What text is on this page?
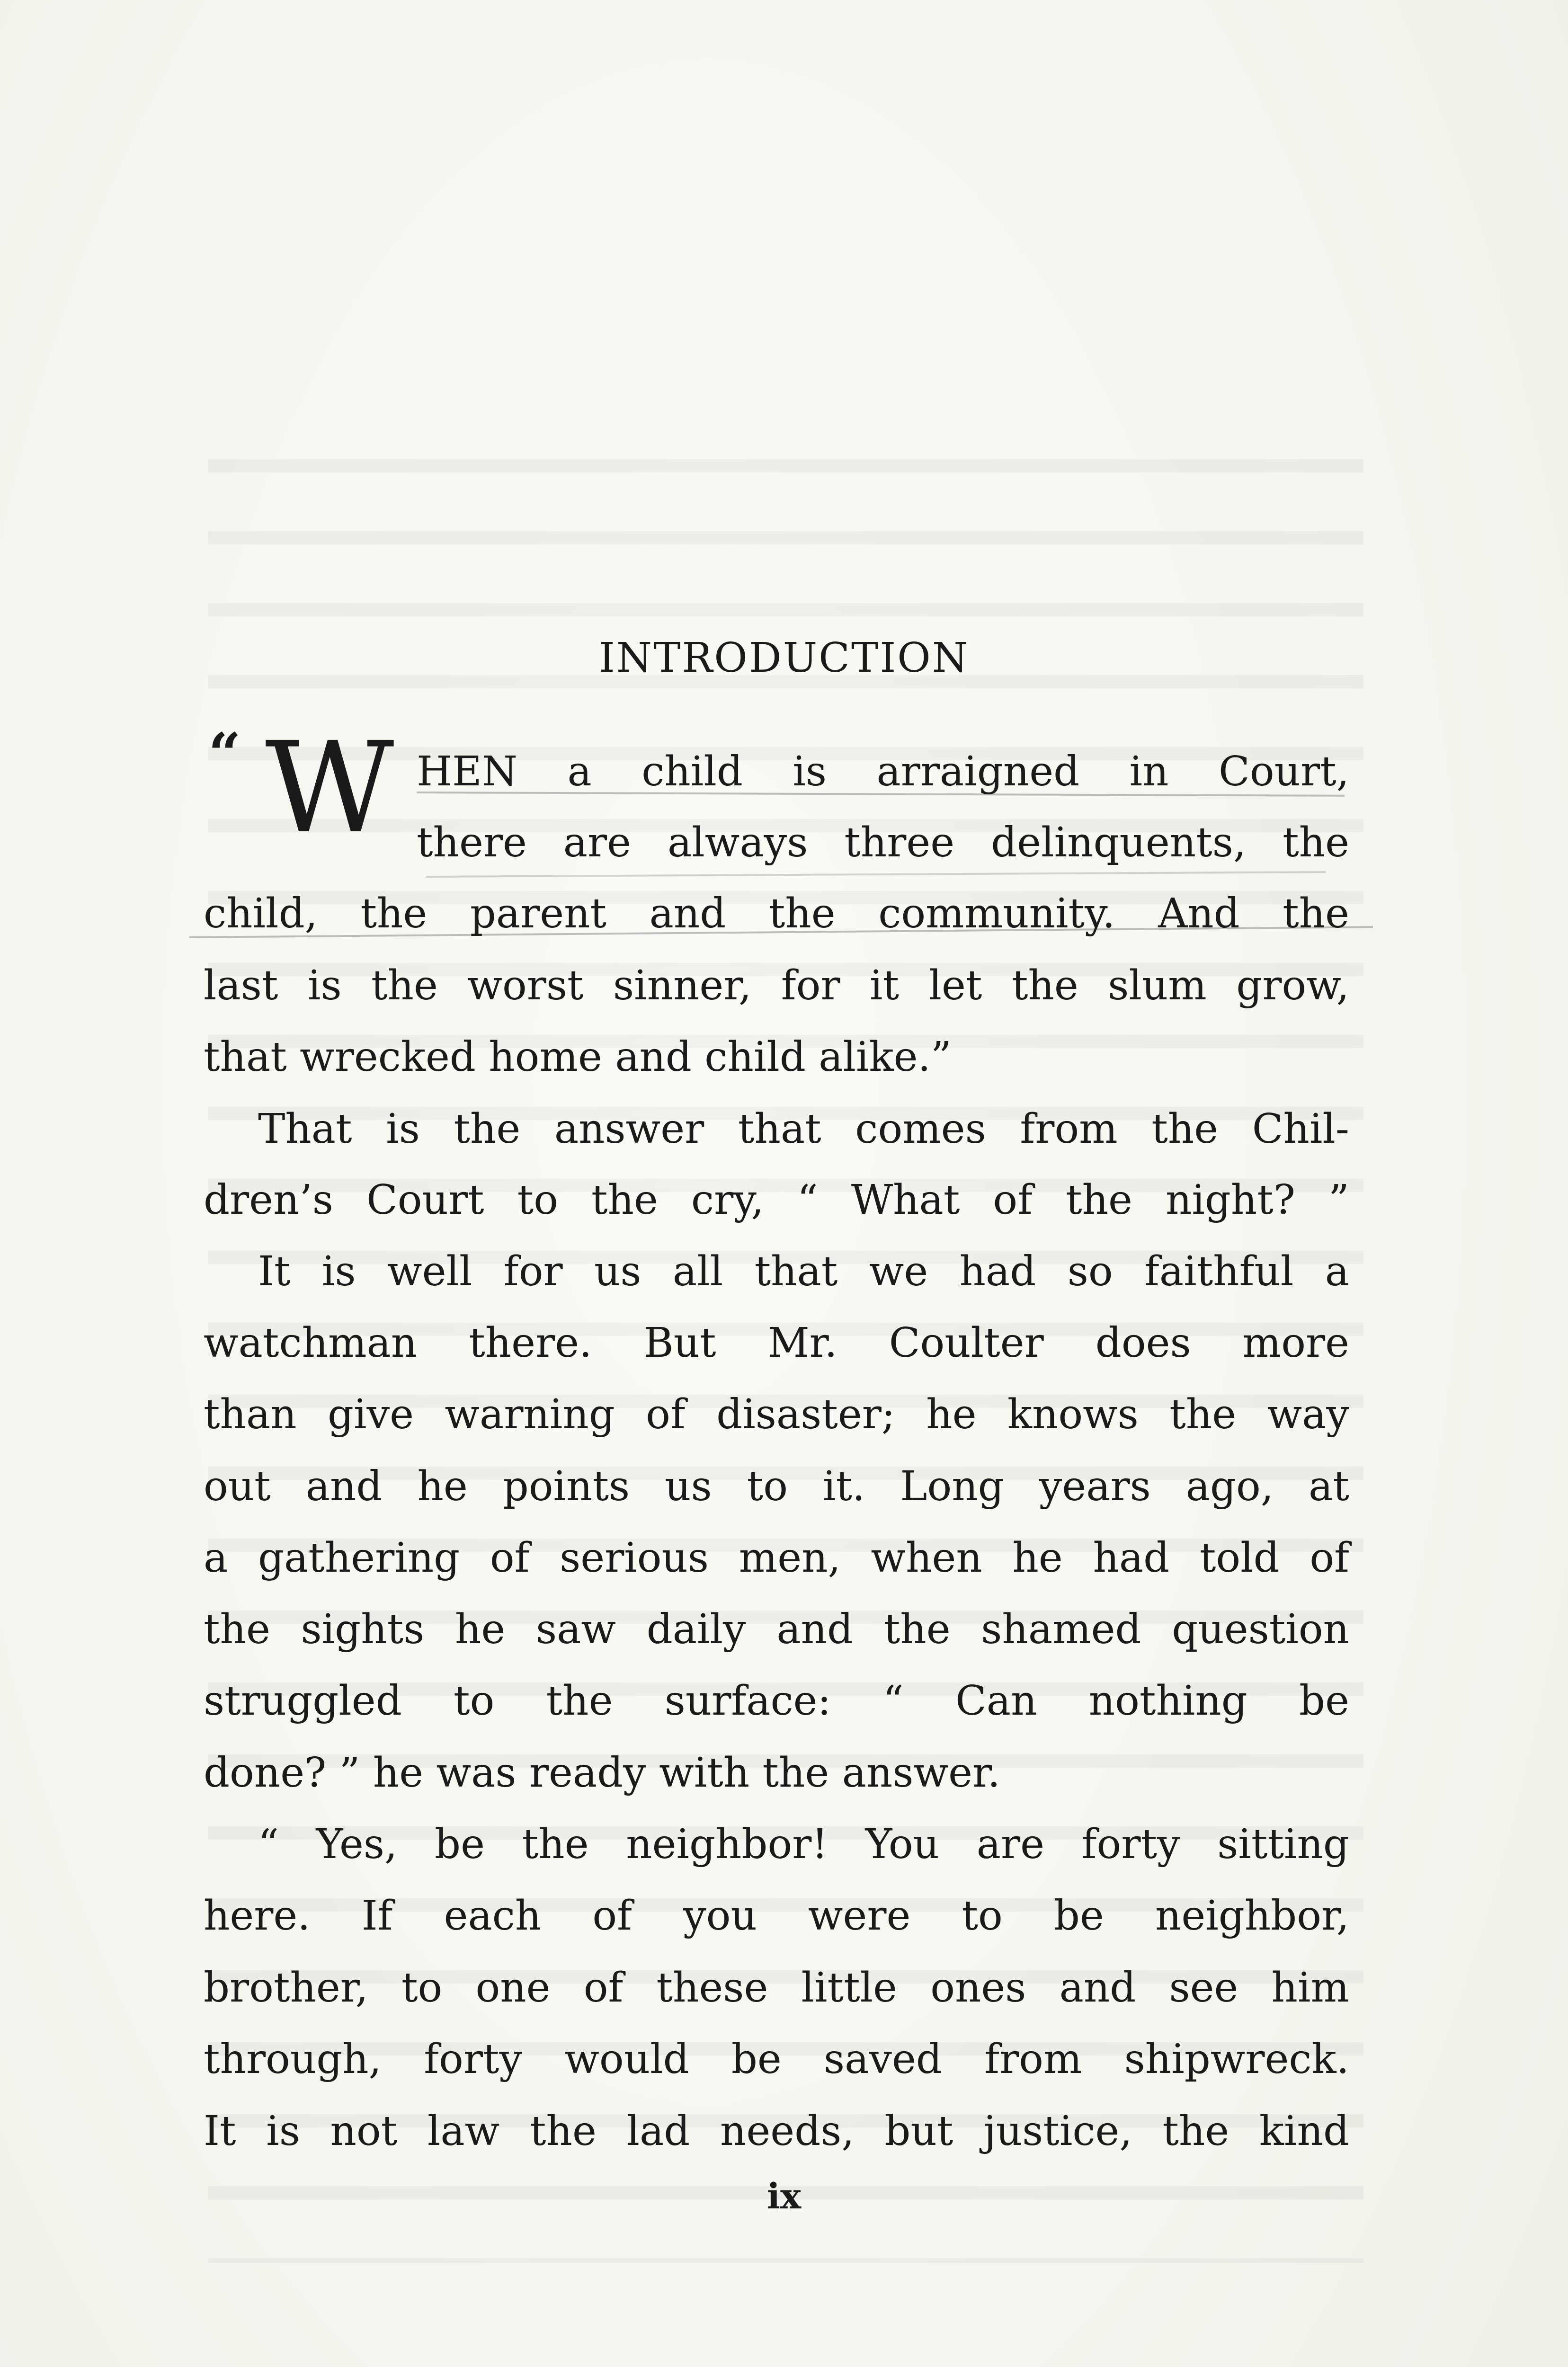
INTRODUCTION
“ W HEN a child is arraigned in Court,
there are always three delinquents, the
child, the parent and the community. And the
last is the worst sinner, for it let the slum grow,
that wrecked home and child alike.”
That is the answer that comes from the Chil-
dren’s Court to the cry, “ What of the night? ”
It is well for us all that we had so faithful a
watchman there. But Mr. Coulter does more
than give warning of disaster; he knows the way
out and he points us to it. Long years ago, at
a gathering of serious men, when he had told of
the sights he saw daily and the shamed question
struggled to the surface: “ Can nothing be
done? ” he was ready with the answer.
“ Yes, be the neighbor! You are forty sitting
here. If each of you were to be neighbor,
brother, to one of these little ones and see him
through, forty would be saved from shipwreck.
It is not law the lad needs, but justice, the kind
ix
